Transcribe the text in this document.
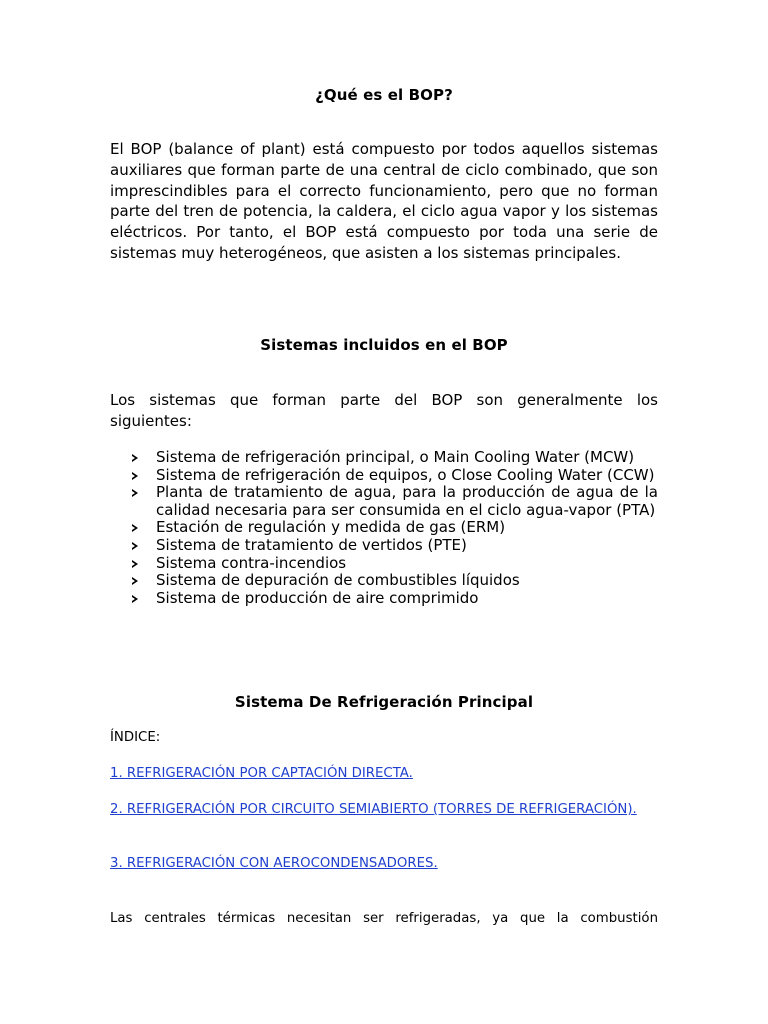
¿Qué es el BOP?
El BOP (balance of plant) está compuesto por todos aquellos sistemas auxiliares que forman parte de una central de ciclo combinado, que son imprescindibles para el correcto funcionamiento, pero que no forman parte del tren de potencia, la caldera, el ciclo agua vapor y los sistemas eléctricos. Por tanto, el BOP está compuesto por toda una serie de sistemas muy heterogéneos, que asisten a los sistemas principales.
Sistemas incluidos en el BOP
Los sistemas que forman parte del BOP son generalmente los siguientes:
Sistema de refrigeración principal, o Main Cooling Water (MCW)
Sistema de refrigeración de equipos, o Close Cooling Water (CCW)
Planta de tratamiento de agua, para la producción de agua de la calidad necesaria para ser consumida en el ciclo agua-vapor (PTA)
Estación de regulación y medida de gas (ERM)
Sistema de tratamiento de vertidos (PTE)
Sistema contra-incendios
Sistema de depuración de combustibles líquidos
Sistema de producción de aire comprimido
Sistema De Refrigeración Principal
ÍNDICE:
1. REFRIGERACIÓN POR CAPTACIÓN DIRECTA.
2. REFRIGERACIÓN POR CIRCUITO SEMIABIERTO (TORRES DE REFRIGERACIÓN).
3. REFRIGERACIÓN CON AEROCONDENSADORES.
Las centrales térmicas necesitan ser refrigeradas, ya que la combustión
